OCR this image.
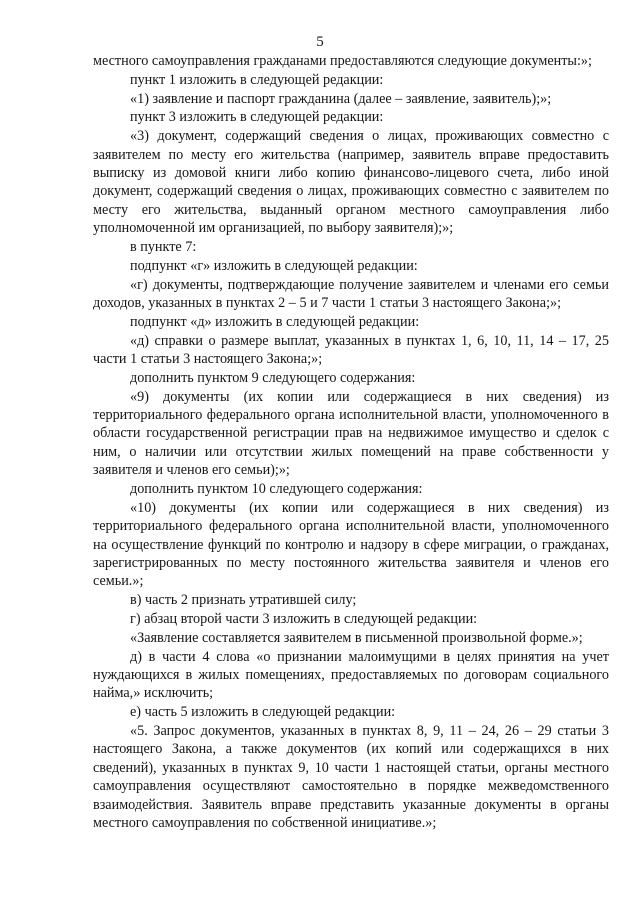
5

местного самоуправления гражданами предоставляются следующие документы:»;

пункт 1 изложить в следующей редакции:

«1) заявление и паспорт гражданина (далее – заявление, заявитель);»;

пункт 3 изложить в следующей редакции:

«3) документ, содержащий сведения о лицах, проживающих совместно с заявителем по месту его жительства (например, заявитель вправе предоставить выписку из домовой книги либо копию финансово-лицевого счета, либо иной документ, содержащий сведения о лицах, проживающих совместно с заявителем по месту его жительства, выданный органом местного самоуправления либо уполномоченной им организацией, по выбору заявителя);»;

в пункте 7:

подпункт «г» изложить в следующей редакции:

«г) документы, подтверждающие получение заявителем и членами его семьи доходов, указанных в пунктах 2 – 5 и 7 части 1 статьи 3 настоящего Закона;»;

подпункт «д» изложить в следующей редакции:

«д) справки о размере выплат, указанных в пунктах 1, 6, 10, 11, 14 – 17, 25 части 1 статьи 3 настоящего Закона;»;

дополнить пунктом 9 следующего содержания:

«9) документы (их копии или содержащиеся в них сведения) из территориального федерального органа исполнительной власти, уполномоченного в области государственной регистрации прав на недвижимое имущество и сделок с ним, о наличии или отсутствии жилых помещений на праве собственности у заявителя и членов его семьи);»;

дополнить пунктом 10 следующего содержания:

«10) документы (их копии или содержащиеся в них сведения) из территориального федерального органа исполнительной власти, уполномоченного на осуществление функций по контролю и надзору в сфере миграции, о гражданах, зарегистрированных по месту постоянного жительства заявителя и членов его семьи.»;

в) часть 2 признать утратившей силу;

г) абзац второй части 3 изложить в следующей редакции:

«Заявление составляется заявителем в письменной произвольной форме.»;

д) в части 4 слова «о признании малоимущими в целях принятия на учет нуждающихся в жилых помещениях, предоставляемых по договорам социального найма,» исключить;

е) часть 5 изложить в следующей редакции:

«5. Запрос документов, указанных в пунктах 8, 9, 11 – 24, 26 – 29 статьи 3 настоящего Закона, а также документов (их копий или содержащихся в них сведений), указанных в пунктах 9, 10 части 1 настоящей статьи, органы местного самоуправления осуществляют самостоятельно в порядке межведомственного взаимодействия. Заявитель вправе представить указанные документы в органы местного самоуправления по собственной инициативе.»;
